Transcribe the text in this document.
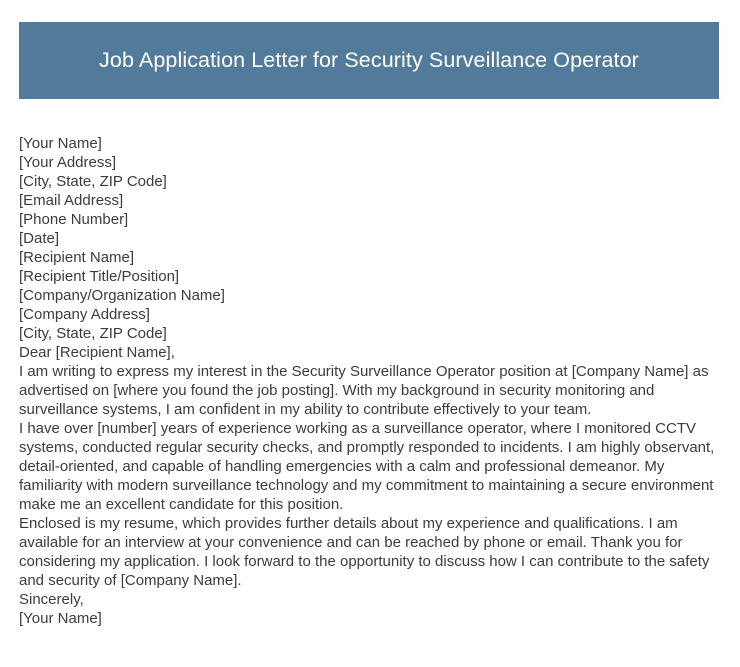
Job Application Letter for Security Surveillance Operator
[Your Name]
[Your Address]
[City, State, ZIP Code]
[Email Address]
[Phone Number]
[Date]
[Recipient Name]
[Recipient Title/Position]
[Company/Organization Name]
[Company Address]
[City, State, ZIP Code]
Dear [Recipient Name],

I am writing to express my interest in the Security Surveillance Operator position at [Company Name] as advertised on [where you found the job posting]. With my background in security monitoring and surveillance systems, I am confident in my ability to contribute effectively to your team.

I have over [number] years of experience working as a surveillance operator, where I monitored CCTV systems, conducted regular security checks, and promptly responded to incidents. I am highly observant, detail-oriented, and capable of handling emergencies with a calm and professional demeanor. My familiarity with modern surveillance technology and my commitment to maintaining a secure environment make me an excellent candidate for this position.

Enclosed is my resume, which provides further details about my experience and qualifications. I am available for an interview at your convenience and can be reached by phone or email. Thank you for considering my application. I look forward to the opportunity to discuss how I can contribute to the safety and security of [Company Name].

Sincerely,
[Your Name]
